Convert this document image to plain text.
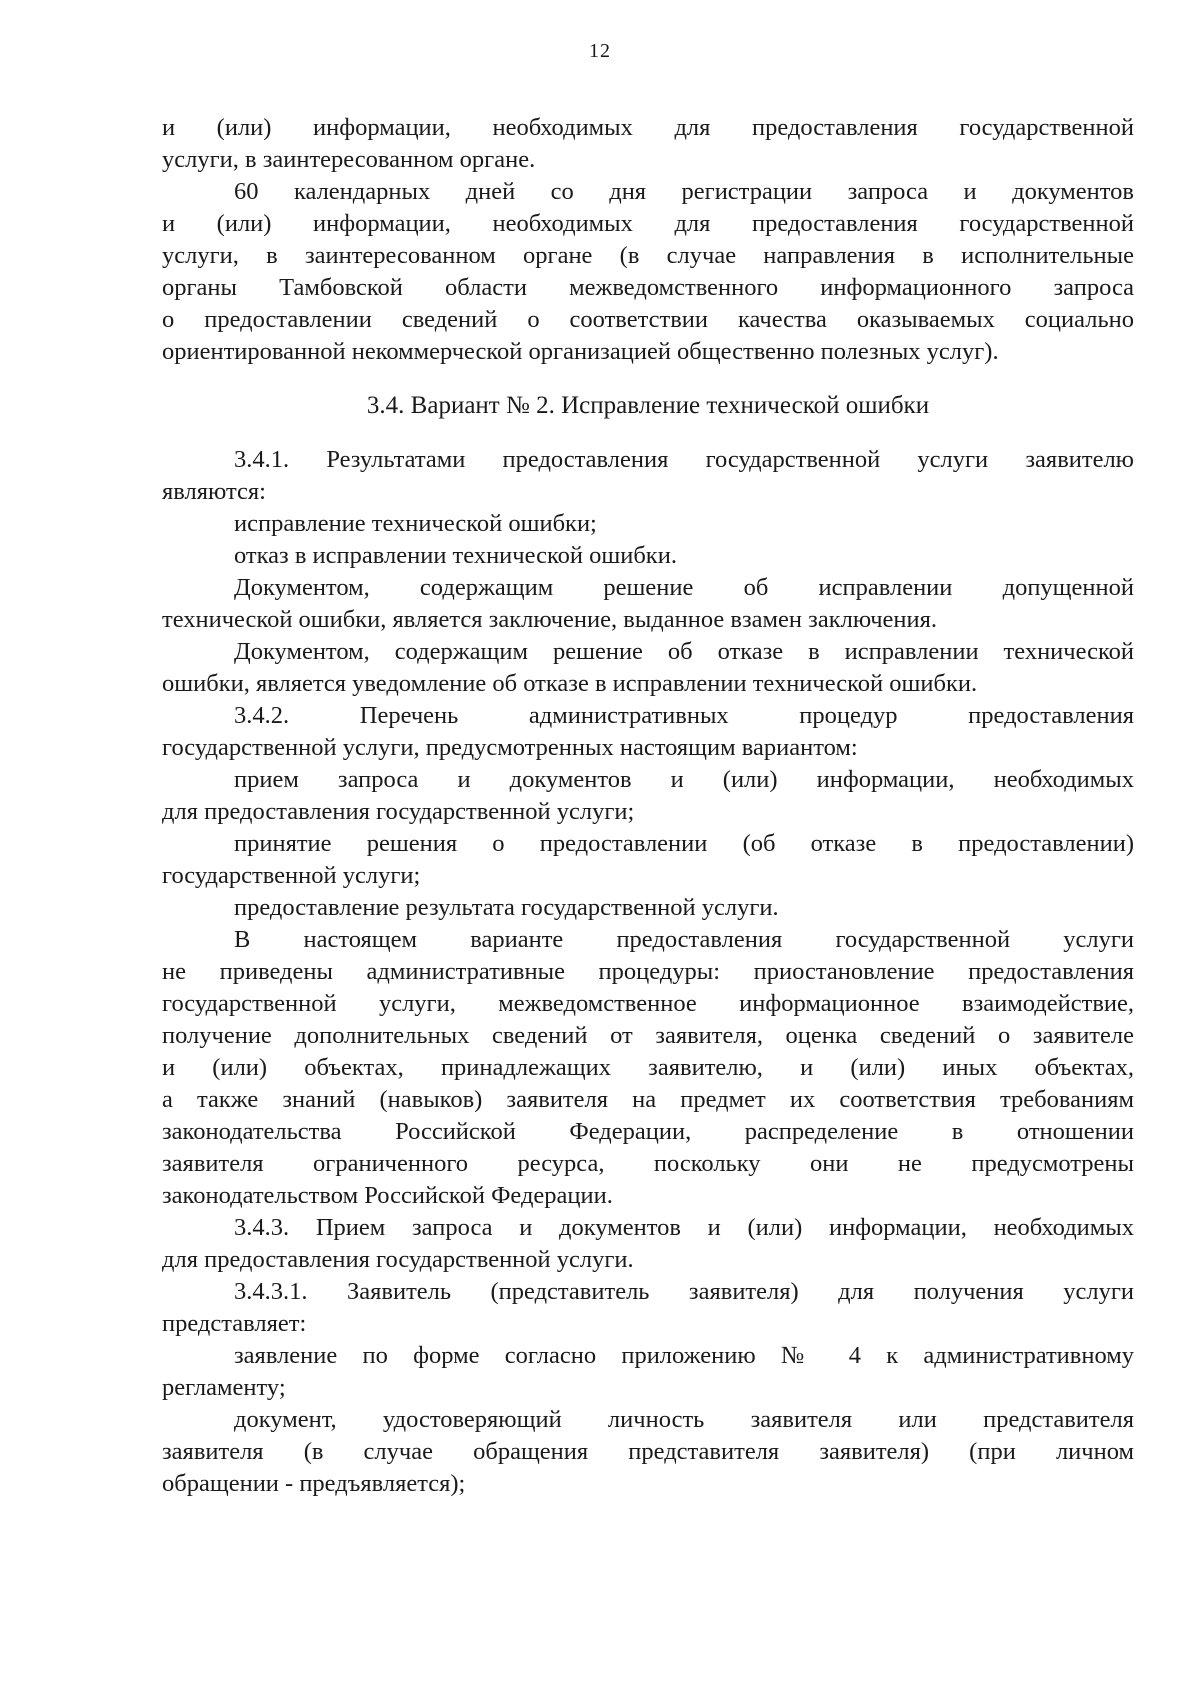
12
и (или) информации, необходимых для предоставления государственной
услуги, в заинтересованном органе.
60 календарных дней со дня регистрации запроса и документов
и (или) информации, необходимых для предоставления государственной
услуги, в заинтересованном органе (в случае направления в исполнительные
органы Тамбовской области межведомственного информационного запроса
о предоставлении сведений о соответствии качества оказываемых социально
ориентированной некоммерческой организацией общественно полезных услуг).
3.4. Вариант № 2. Исправление технической ошибки
3.4.1. Результатами предоставления государственной услуги заявителю
являются:
исправление технической ошибки;
отказ в исправлении технической ошибки.
Документом, содержащим решение об исправлении допущенной
технической ошибки, является заключение, выданное взамен заключения.
Документом, содержащим решение об отказе в исправлении технической
ошибки, является уведомление об отказе в исправлении технической ошибки.
3.4.2. Перечень административных процедур предоставления
государственной услуги, предусмотренных настоящим вариантом:
прием запроса и документов и (или) информации, необходимых
для предоставления государственной услуги;
принятие решения о предоставлении (об отказе в предоставлении)
государственной услуги;
предоставление результата государственной услуги.
В настоящем варианте предоставления государственной услуги
не приведены административные процедуры: приостановление предоставления
государственной услуги, межведомственное информационное взаимодействие,
получение дополнительных сведений от заявителя, оценка сведений о заявителе
и (или) объектах, принадлежащих заявителю, и (или) иных объектах,
а также знаний (навыков) заявителя на предмет их соответствия требованиям
законодательства Российской Федерации, распределение в отношении
заявителя ограниченного ресурса, поскольку они не предусмотрены
законодательством Российской Федерации.
3.4.3. Прием запроса и документов и (или) информации, необходимых
для предоставления государственной услуги.
3.4.3.1. Заявитель (представитель заявителя) для получения услуги
представляет:
заявление по форме согласно приложению № 4 к административному
регламенту;
документ, удостоверяющий личность заявителя или представителя
заявителя (в случае обращения представителя заявителя) (при личном
обращении - предъявляется);
